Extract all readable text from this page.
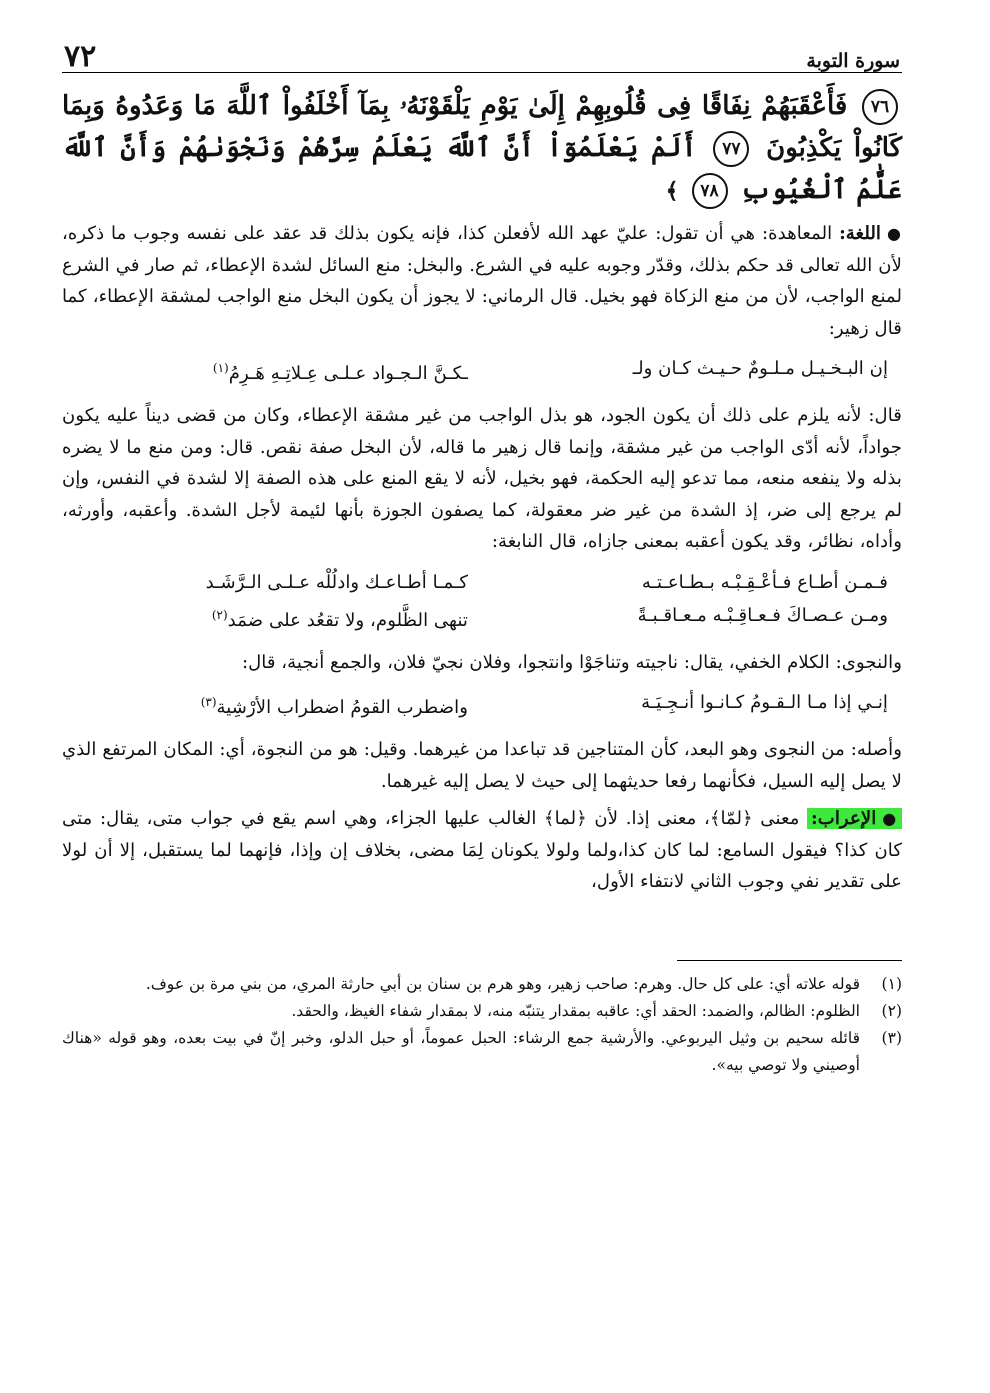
سورة التوبة
٧٢
٧٦ فَأَعْقَبَهُمْ نِفَاقًا فِى قُلُوبِهِمْ إِلَىٰ يَوْمِ يَلْقَوْنَهُۥ بِمَآ أَخْلَفُواْ ٱللَّهَ مَا وَعَدُوهُ وَبِمَا كَانُواْ يَكْذِبُونَ ٧٧ أَلَمْ يَعْلَمُوٓاْ أَنَّ ٱللَّهَ يَعْلَمُ سِرَّهُمْ وَنَجْوَىٰهُمْ وَأَنَّ ٱللَّهَ عَلَّٰمُ ٱلْغُيُوبِ ٧٨ ﴾

●اللغة: المعاهدة: هي أن تقول: عليّ عهد الله لأفعلن كذا، فإنه يكون بذلك قد عقد على نفسه وجوب ما ذكره، لأن الله تعالى قد حكم بذلك، وقدّر وجوبه عليه في الشرع. والبخل: منع السائل لشدة الإعطاء، ثم صار في الشرع لمنع الواجب، لأن من منع الزكاة فهو بخيل. قال الرماني: لا يجوز أن يكون البخل منع الواجب لمشقة الإعطاء، كما قال زهير:

إن البـخـيـل مـلـومٌ حـيـث كـان ولـ
ـكـنَّ الـجـواد عـلـى عِـلاتِـهِ هَـرِمُ$^{(١)}$

قال: لأنه يلزم على ذلك أن يكون الجود، هو بذل الواجب من غير مشقة الإعطاء، وكان من قضى ديناً عليه يكون جواداً، لأنه أدّى الواجب من غير مشقة، وإنما قال زهير ما قاله، لأن البخل صفة نقص. قال: ومن منع ما لا يضره بذله ولا ينفعه منعه، مما تدعو إليه الحكمة، فهو بخيل، لأنه لا يقع المنع على هذه الصفة إلا لشدة في النفس، وإن لم يرجع إلى ضر، إذ الشدة من غير ضر معقولة، كما يصفون الجوزة بأنها لئيمة لأجل الشدة. وأعقبه، وأورثه، وأداه، نظائر، وقد يكون أعقبه بمعنى جازاه، قال النابغة:

فـمـن أطـاع فـأعْـقِـبْـه بـطـاعـتـه
كـمـا أطـاعـك وادلُلْه عـلـى الـرَّشَـد
ومـن عـصـاكَ فـعـاقِـبْـه مـعـاقـبـةً
تنهى الظَّلوم، ولا تقعُد على ضمَد$^{(٢)}$

والنجوى: الكلام الخفي، يقال: ناجيته وتناجَوْا وانتجوا، وفلان نجيّ فلان، والجمع أنجية، قال:

إنـي إذا مـا الـقـومُ كـانـوا أنـجِـيَـة
واضطرب القومُ اضطراب الأرْشِية$^{(٣)}$

وأصله: من النجوى وهو البعد، كأن المتناجين قد تباعدا من غيرهما. وقيل: هو من النجوة، أي: المكان المرتفع الذي لا يصل إليه السيل، فكأنهما رفعا حديثهما إلى حيث لا يصل إليه غيرهما.

●الإعراب: معنى ﴿لمّا﴾، معنى إذا. لأن ﴿لما﴾ الغالب عليها الجزاء، وهي اسم يقع في جواب متى، يقال: متى كان كذا؟ فيقول السامع: لما كان كذا،ولما ولولا يكونان لِمَا مضى، بخلاف إن وإذا، فإنهما لما يستقبل، إلا أن لولا على تقدير نفي وجوب الثاني لانتفاء الأول،

(١)
قوله علاته أي: على كل حال. وهرم: صاحب زهير، وهو هرم بن سنان بن أبي حارثة المري، من بني مرة بن عوف.
(٢)
الظلوم: الظالم، والضمد: الحقد أي: عاقبه بمقدار يتنبّه منه، لا بمقدار شفاء الغيظ، والحقد.
(٣)
قائله سحيم بن وثيل اليربوعي. والأرشية جمع الرشاء: الحبل عموماً، أو حبل الدلو، وخبر إنّ في بيت بعده، وهو قوله «هناك أوصيني ولا توصي بيه».
